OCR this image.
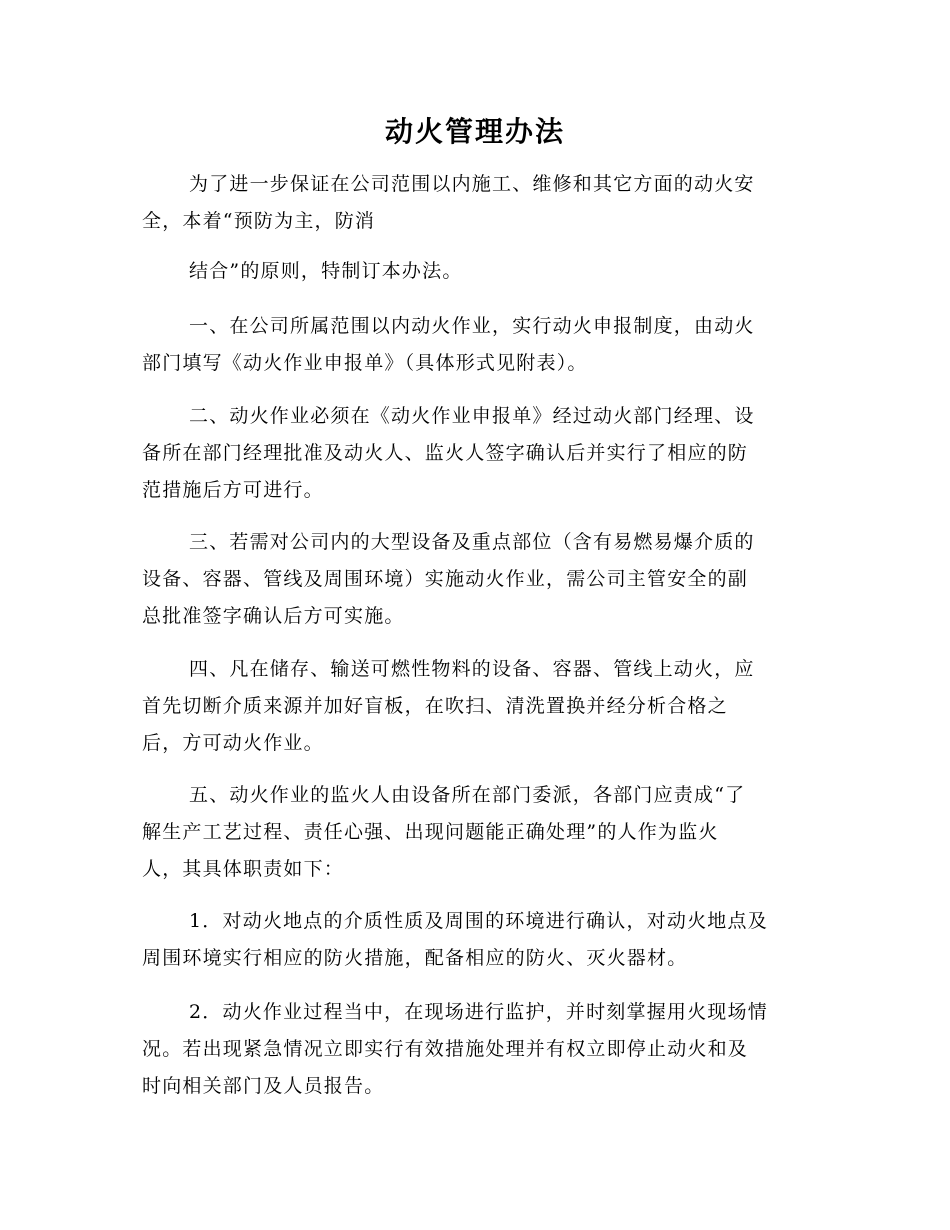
动火管理办法
为了进一步保证在公司范围以内施工、维修和其它方面的动火安
全，本着“预防为主，防消
结合”的原则，特制订本办法。
一、在公司所属范围以内动火作业，实行动火申报制度，由动火
部门填写《动火作业申报单》（具体形式见附表）。
二、动火作业必须在《动火作业申报单》经过动火部门经理、设
备所在部门经理批准及动火人、监火人签字确认后并实行了相应的防
范措施后方可进行。
三、若需对公司内的大型设备及重点部位（含有易燃易爆介质的
设备、容器、管线及周围环境）实施动火作业，需公司主管安全的副
总批准签字确认后方可实施。
四、凡在储存、输送可燃性物料的设备、容器、管线上动火，应
首先切断介质来源并加好盲板，在吹扫、清洗置换并经分析合格之
后，方可动火作业。
五、动火作业的监火人由设备所在部门委派，各部门应责成“了
解生产工艺过程、责任心强、出现问题能正确处理”的人作为监火
人，其具体职责如下：
1．对动火地点的介质性质及周围的环境进行确认，对动火地点及
周围环境实行相应的防火措施，配备相应的防火、灭火器材。
2．动火作业过程当中，在现场进行监护，并时刻掌握用火现场情
况。若出现紧急情况立即实行有效措施处理并有权立即停止动火和及
时向相关部门及人员报告。
